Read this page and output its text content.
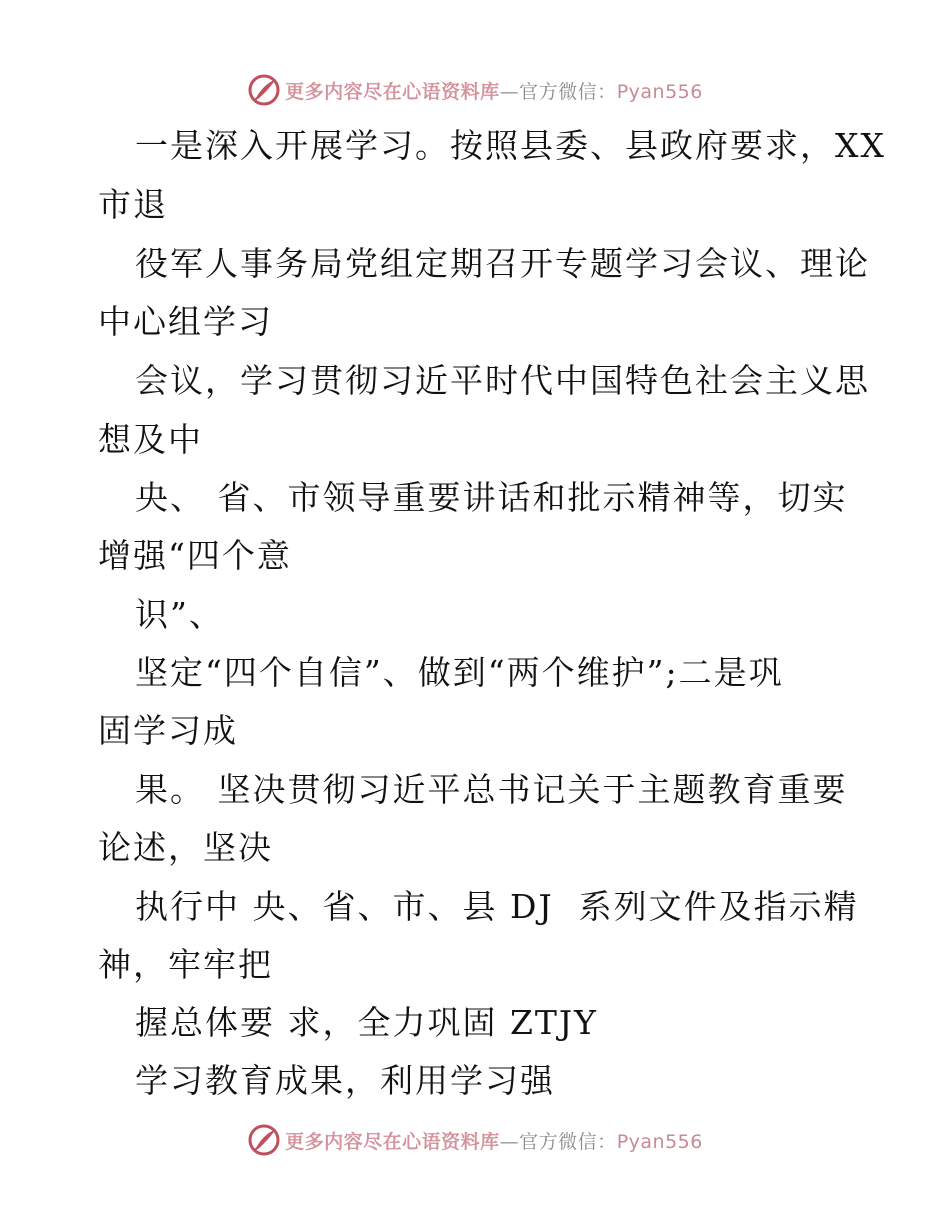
更多内容尽在心语资料库—官方微信：Pyan556
一是深入开展学习。按照县委、县政府要求，XX
市退
役军人事务局党组定期召开专题学习会议、理论
中心组学习
会议，学习贯彻习近平时代中国特色社会主义思
想及中
央、 省、市领导重要讲话和批示精神等，切实
增强“四个意
识”、
坚定“四个自信”、做到“两个维护”;二是巩
固学习成
果。 坚决贯彻习近平总书记关于主题教育重要
论述，坚决
执行中 央、省、市、县 DJ  系列文件及指示精
神，牢牢把
握总体要 求，全力巩固 ZTJY
学习教育成果，利用学习强
更多内容尽在心语资料库—官方微信：Pyan556
